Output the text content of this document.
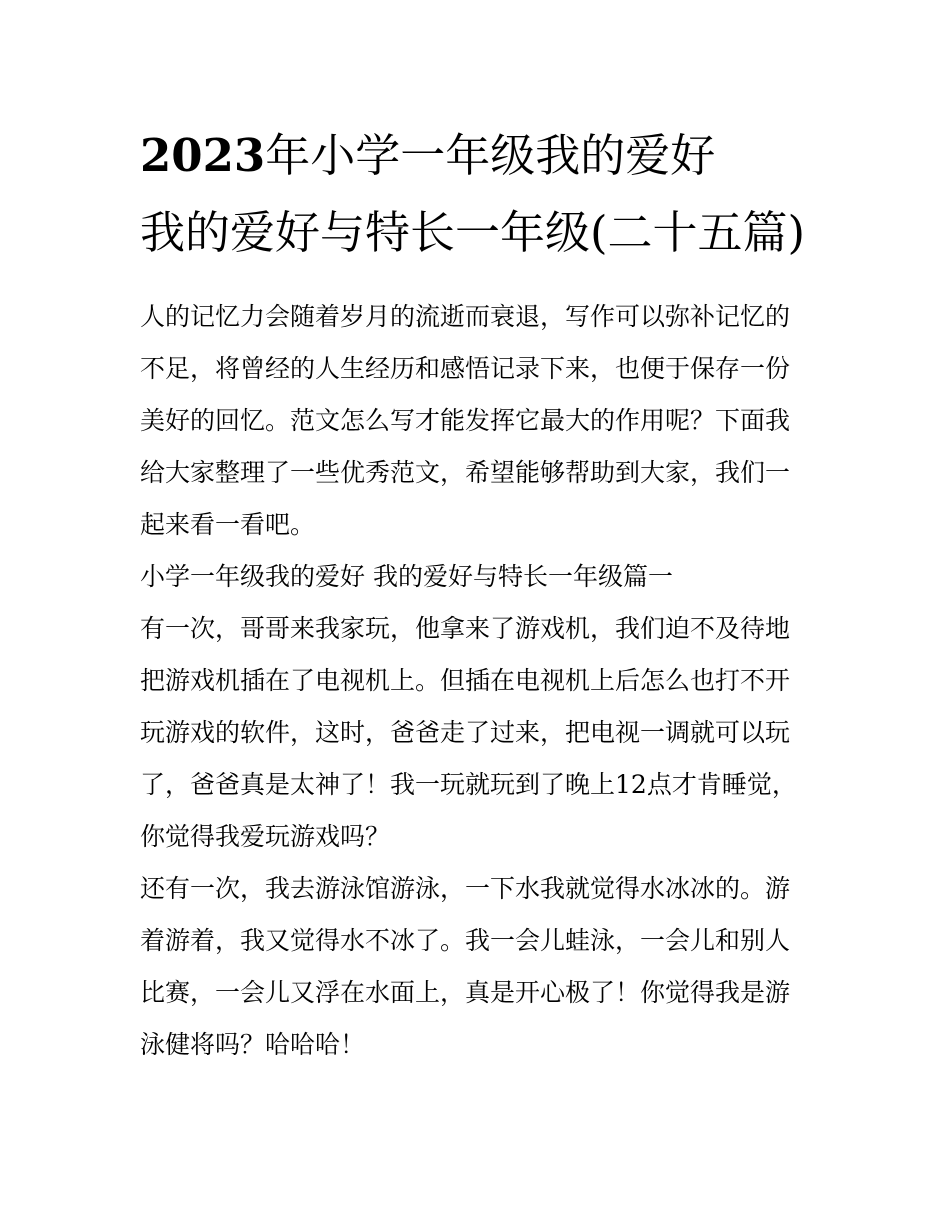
2023年小学一年级我的爱好
我的爱好与特长一年级(二十五篇)

人的记忆力会随着岁月的流逝而衰退，写作可以弥补记忆的不足，将曾经的人生经历和感悟记录下来，也便于保存一份美好的回忆。范文怎么写才能发挥它最大的作用呢？下面我给大家整理了一些优秀范文，希望能够帮助到大家，我们一起来看一看吧。

小学一年级我的爱好 我的爱好与特长一年级篇一

有一次，哥哥来我家玩，他拿来了游戏机，我们迫不及待地把游戏机插在了电视机上。但插在电视机上后怎么也打不开玩游戏的软件，这时，爸爸走了过来，把电视一调就可以玩了，爸爸真是太神了！我一玩就玩到了晚上12点才肯睡觉，你觉得我爱玩游戏吗？

还有一次，我去游泳馆游泳，一下水我就觉得水冰冰的。游着游着，我又觉得水不冰了。我一会儿蛙泳，一会儿和别人比赛，一会儿又浮在水面上，真是开心极了！你觉得我是游泳健将吗？哈哈哈！
